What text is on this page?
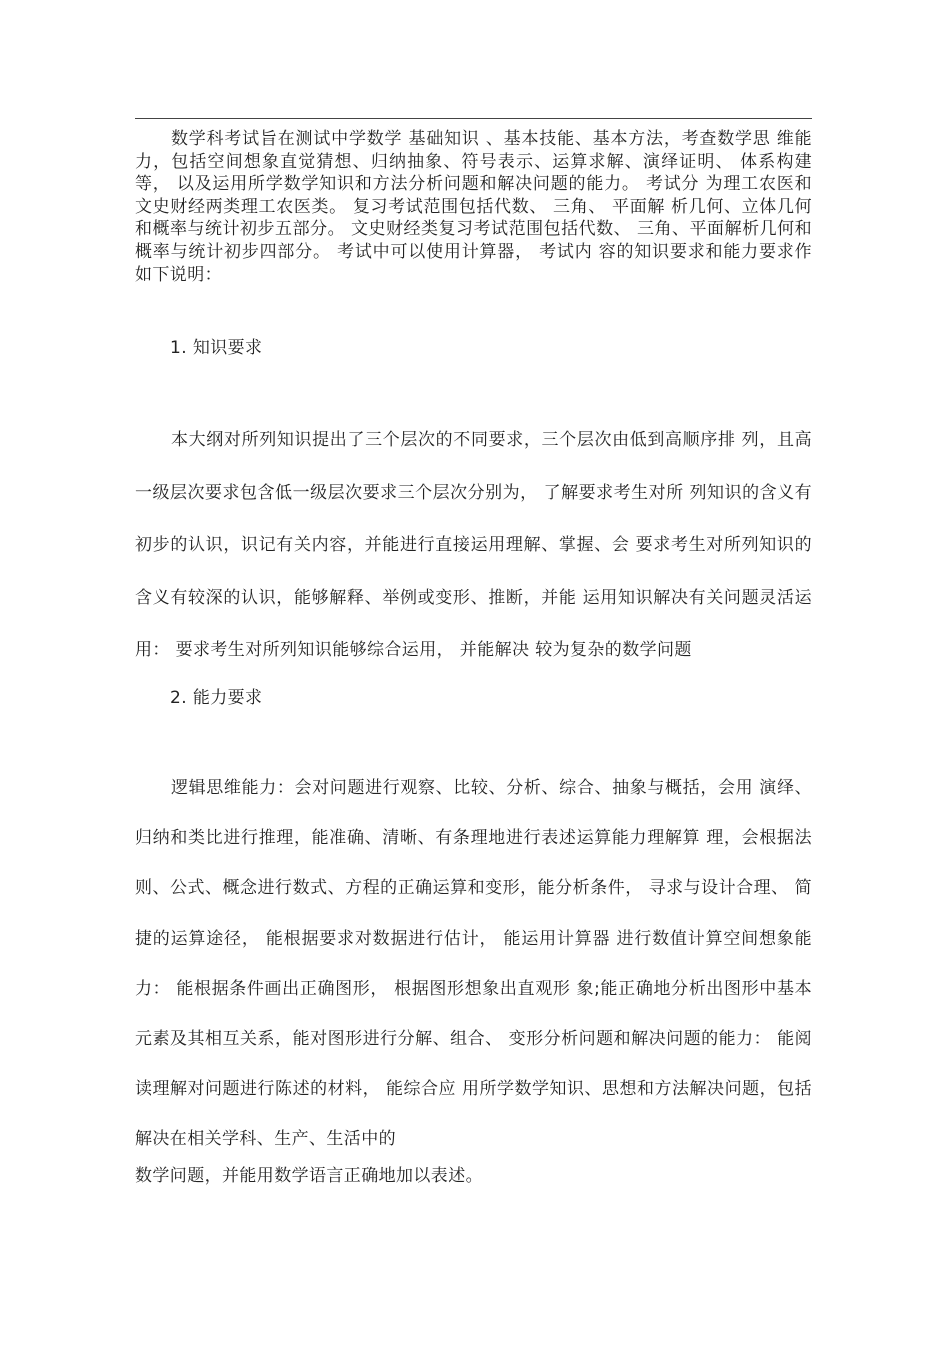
数学科考试旨在测试中学数学 基础知识 、基本技能、基本方法，考查数学思 维能力，包括空间想象直觉猜想、归纳抽象、符号表示、运算求解、演绎证明、 体系构建等， 以及运用所学数学知识和方法分析问题和解决问题的能力。 考试分 为理工农医和文史财经两类理工农医类。 复习考试范围包括代数、 三角、 平面解 析几何、立体几何和概率与统计初步五部分。 文史财经类复习考试范围包括代数、 三角、平面解析几何和概率与统计初步四部分。 考试中可以使用计算器， 考试内 容的知识要求和能力要求作如下说明：
1. 知识要求
本大纲对所列知识提出了三个层次的不同要求，三个层次由低到高顺序排 列，且高一级层次要求包含低一级层次要求三个层次分别为， 了解要求考生对所 列知识的含义有初步的认识，识记有关内容，并能进行直接运用理解、掌握、会 要求考生对所列知识的含义有较深的认识，能够解释、举例或变形、推断，并能 运用知识解决有关问题灵活运用： 要求考生对所列知识能够综合运用， 并能解决 较为复杂的数学问题
2. 能力要求
逻辑思维能力：会对问题进行观察、比较、分析、综合、抽象与概括，会用 演绎、归纳和类比进行推理，能准确、清晰、有条理地进行表述运算能力理解算 理，会根据法则、公式、概念进行数式、方程的正确运算和变形，能分析条件， 寻求与设计合理、 简捷的运算途径， 能根据要求对数据进行估计， 能运用计算器 进行数值计算空间想象能力： 能根据条件画出正确图形， 根据图形想象出直观形 象;能正确地分析出图形中基本元素及其相互关系，能对图形进行分解、组合、 变形分析问题和解决问题的能力： 能阅读理解对问题进行陈述的材料， 能综合应 用所学数学知识、思想和方法解决问题，包括解决在相关学科、生产、生活中的
数学问题，并能用数学语言正确地加以表述。
